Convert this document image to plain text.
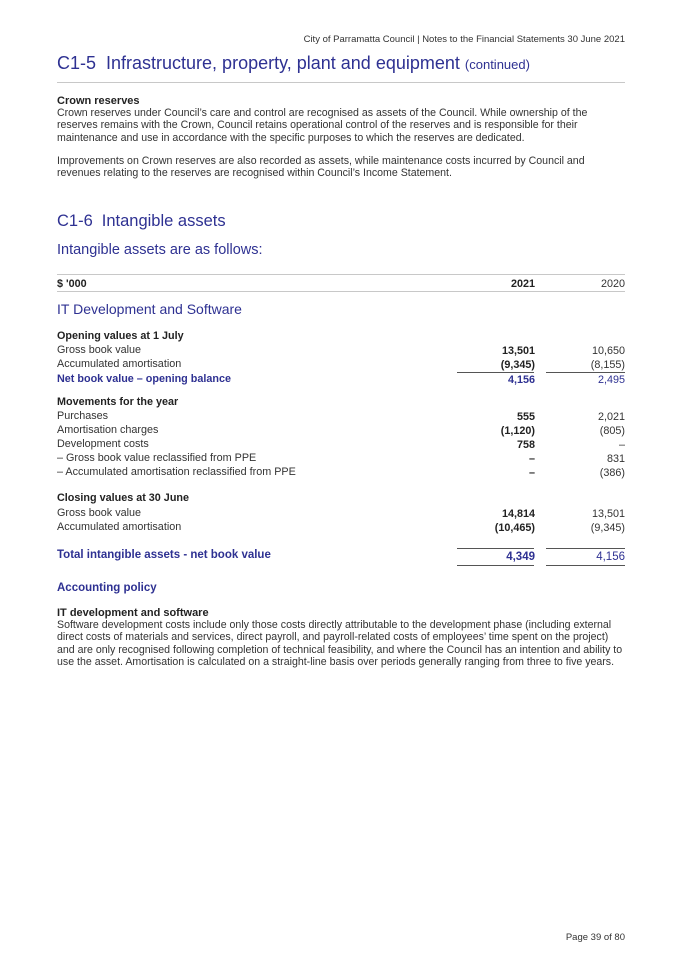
City of Parramatta Council | Notes to the Financial Statements 30 June 2021
C1-5 Infrastructure, property, plant and equipment (continued)
Crown reserves
Crown reserves under Council’s care and control are recognised as assets of the Council. While ownership of the reserves remains with the Crown, Council retains operational control of the reserves and is responsible for their maintenance and use in accordance with the specific purposes to which the reserves are dedicated.
Improvements on Crown reserves are also recorded as assets, while maintenance costs incurred by Council and revenues relating to the reserves are recognised within Council’s Income Statement.
C1-6 Intangible assets
Intangible assets are as follows:
$ '000	2021	2020
IT Development and Software
Opening values at 1 July
Gross book value	13,501	10,650
Accumulated amortisation	(9,345)	(8,155)
Net book value – opening balance	4,156	2,495
Movements for the year
Purchases	555	2,021
Amortisation charges	(1,120)	(805)
Development costs	758	–
– Gross book value reclassified from PPE	–	831
– Accumulated amortisation reclassified from PPE	–	(386)
Closing values at 30 June
Gross book value	14,814	13,501
Accumulated amortisation	(10,465)	(9,345)
Total intangible assets - net book value	4,349	4,156
Accounting policy
IT development and software
Software development costs include only those costs directly attributable to the development phase (including external direct costs of materials and services, direct payroll, and payroll-related costs of employees’ time spent on the project) and are only recognised following completion of technical feasibility, and where the Council has an intention and ability to use the asset. Amortisation is calculated on a straight-line basis over periods generally ranging from three to five years.
Page 39 of 80
